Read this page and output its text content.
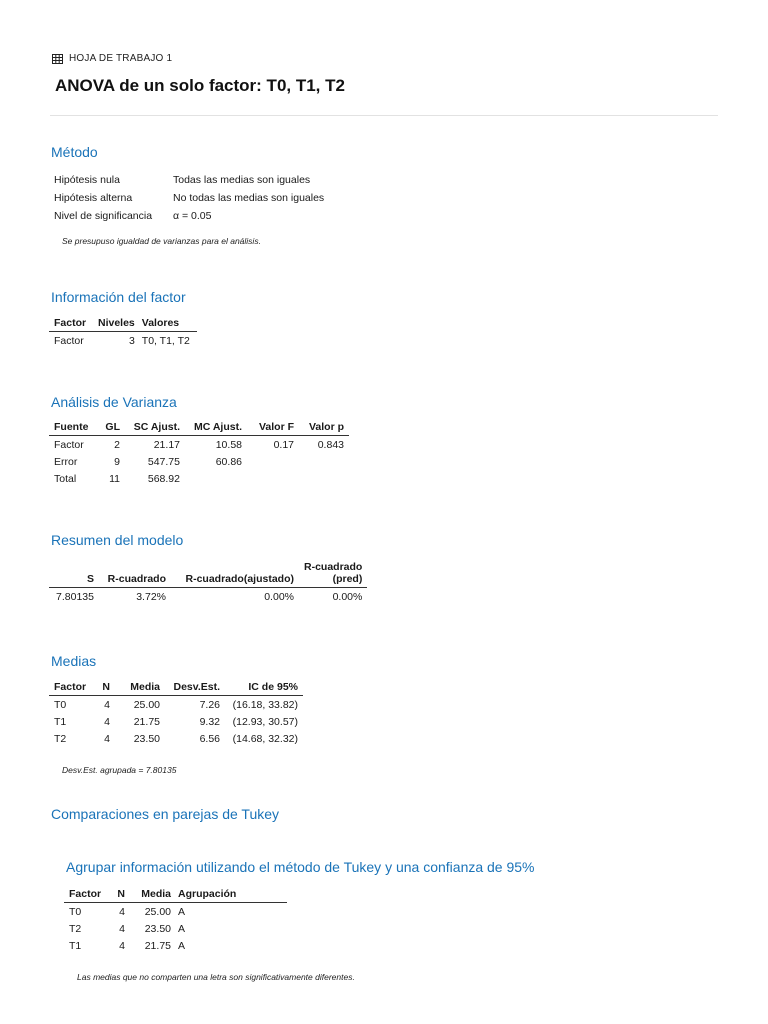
HOJA DE TRABAJO 1
ANOVA de un solo factor: T0, T1, T2
Método
Hipótesis nula	Todas las medias son iguales
Hipótesis alterna	No todas las medias son iguales
Nivel de significancia	α = 0.05
Se presupuso igualdad de varianzas para el análisis.
Información del factor
Factor	Niveles	Valores
Factor	3	T0, T1, T2
Análisis de Varianza
Fuente	GL	SC Ajust.	MC Ajust.	Valor F	Valor p
Factor	2	21.17	10.58	0.17	0.843
Error	9	547.75	60.86		
Total	11	568.92			
Resumen del modelo
S	R-cuadrado	R-cuadrado(ajustado)	R-cuadrado
(pred)

7.80135	3.72%	0.00%	0.00%
Medias
Factor	N	Media	Desv.Est.	IC de 95%
T0	4	25.00	7.26	(16.18, 33.82)
T1	4	21.75	9.32	(12.93, 30.57)
T2	4	23.50	6.56	(14.68, 32.32)
Desv.Est. agrupada = 7.80135
Comparaciones en parejas de Tukey
Agrupar información utilizando el método de Tukey y una confianza de 95%
Factor	N	Media	Agrupación
T0	4	25.00	A
T2	4	23.50	A
T1	4	21.75	A
Las medias que no comparten una letra son significativamente diferentes.
